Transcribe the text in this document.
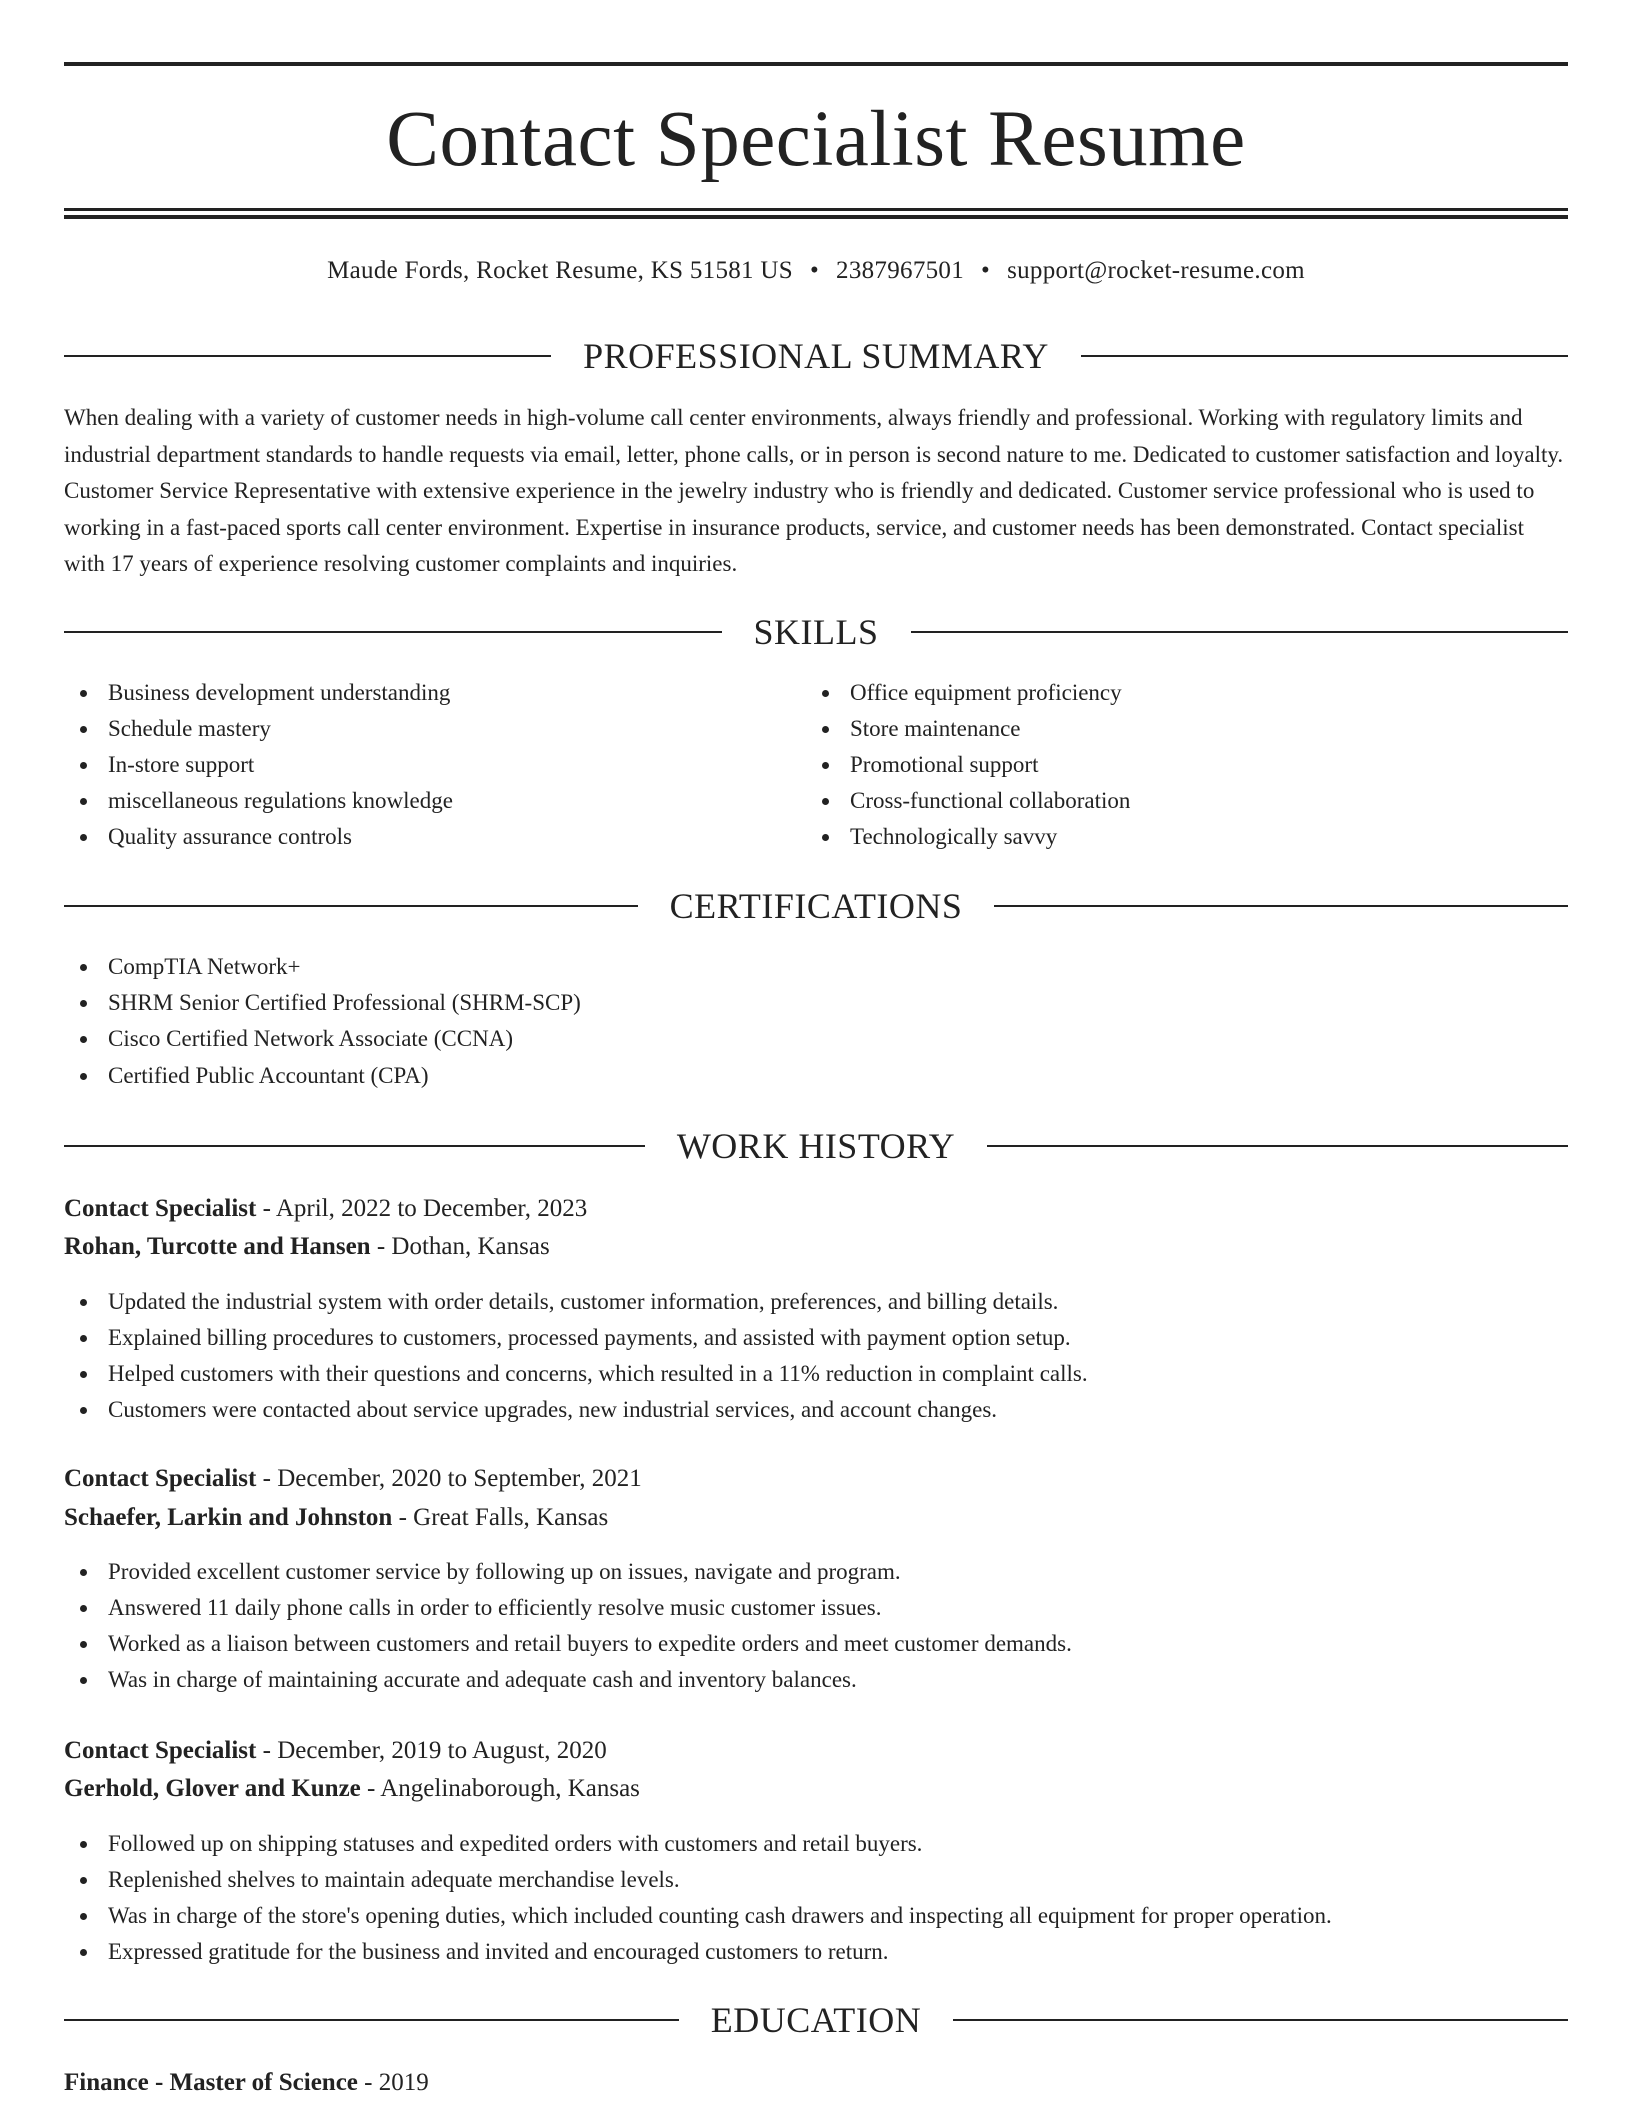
Contact Specialist Resume
Maude Fords, Rocket Resume, KS 51581 US • 2387967501 • support@rocket-resume.com
PROFESSIONAL SUMMARY

When dealing with a variety of customer needs in high-volume call center environments, always friendly and professional. Working with regulatory limits and industrial department standards to handle requests via email, letter, phone calls, or in person is second nature to me. Dedicated to customer satisfaction and loyalty. Customer Service Representative with extensive experience in the jewelry industry who is friendly and dedicated. Customer service professional who is used to working in a fast-paced sports call center environment. Expertise in insurance products, service, and customer needs has been demonstrated. Contact specialist with 17 years of experience resolving customer complaints and inquiries.

SKILLS
Business development understanding
Schedule mastery
In-store support
miscellaneous regulations knowledge
Quality assurance controls
Office equipment proficiency
Store maintenance
Promotional support
Cross-functional collaboration
Technologically savvy
CERTIFICATIONS
CompTIA Network+
SHRM Senior Certified Professional (SHRM-SCP)
Cisco Certified Network Associate (CCNA)
Certified Public Accountant (CPA)
WORK HISTORY
Contact Specialist - April, 2022 to December, 2023
Rohan, Turcotte and Hansen - Dothan, Kansas
Updated the industrial system with order details, customer information, preferences, and billing details.
Explained billing procedures to customers, processed payments, and assisted with payment option setup.
Helped customers with their questions and concerns, which resulted in a 11% reduction in complaint calls.
Customers were contacted about service upgrades, new industrial services, and account changes.
Contact Specialist - December, 2020 to September, 2021
Schaefer, Larkin and Johnston - Great Falls, Kansas
Provided excellent customer service by following up on issues, navigate and program.
Answered 11 daily phone calls in order to efficiently resolve music customer issues.
Worked as a liaison between customers and retail buyers to expedite orders and meet customer demands.
Was in charge of maintaining accurate and adequate cash and inventory balances.
Contact Specialist - December, 2019 to August, 2020
Gerhold, Glover and Kunze - Angelinaborough, Kansas
Followed up on shipping statuses and expedited orders with customers and retail buyers.
Replenished shelves to maintain adequate merchandise levels.
Was in charge of the store's opening duties, which included counting cash drawers and inspecting all equipment for proper operation.
Expressed gratitude for the business and invited and encouraged customers to return.
EDUCATION
Finance - Master of Science - 2019
